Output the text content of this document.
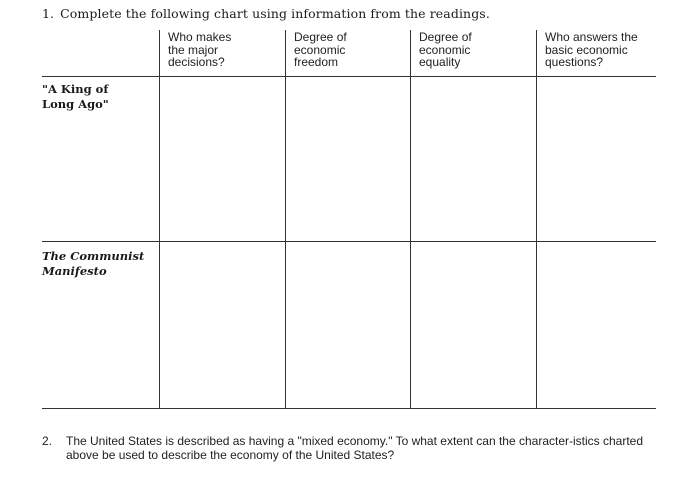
1. Complete the following chart using information from the readings.
Who makes
the major
decisions?
Degree of
economic
freedom
Degree of
economic
equality
Who answers the
basic economic
questions?
"A King of
Long Ago"
The Communist
Manifesto
2. The United States is described as having a "mixed economy." To what extent can the character-istics charted above be used to describe the economy of the United States?
